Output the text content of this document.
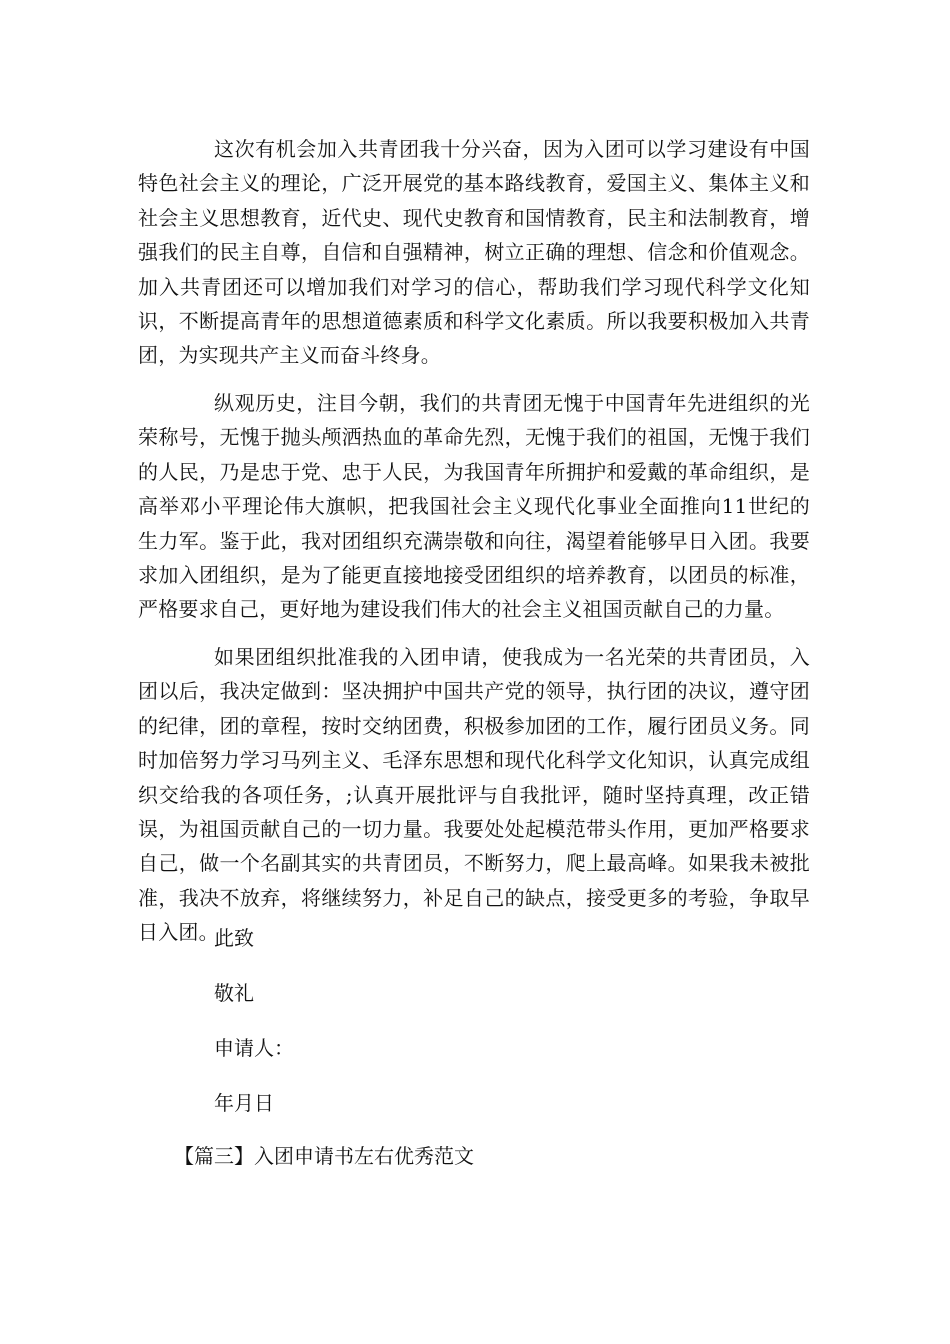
这次有机会加入共青团我十分兴奋，因为入团可以学习建设有中国特色社会主义的理论，广泛开展党的基本路线教育，爱国主义、集体主义和社会主义思想教育，近代史、现代史教育和国情教育，民主和法制教育，增强我们的民主自尊，自信和自强精神，树立正确的理想、信念和价值观念。加入共青团还可以增加我们对学习的信心，帮助我们学习现代科学文化知识，不断提高青年的思想道德素质和科学文化素质。所以我要积极加入共青团，为实现共产主义而奋斗终身。

纵观历史，注目今朝，我们的共青团无愧于中国青年先进组织的光荣称号，无愧于抛头颅洒热血的革命先烈，无愧于我们的祖国，无愧于我们的人民，乃是忠于党、忠于人民，为我国青年所拥护和爱戴的革命组织，是高举邓小平理论伟大旗帜，把我国社会主义现代化事业全面推向11世纪的生力军。鉴于此，我对团组织充满崇敬和向往，渴望着能够早日入团。我要求加入团组织，是为了能更直接地接受团组织的培养教育，以团员的标准，严格要求自己，更好地为建设我们伟大的社会主义祖国贡献自己的力量。

如果团组织批准我的入团申请，使我成为一名光荣的共青团员，入团以后，我决定做到：坚决拥护中国共产党的领导，执行团的决议，遵守团的纪律，团的章程，按时交纳团费，积极参加团的工作，履行团员义务。同时加倍努力学习马列主义、毛泽东思想和现代化科学文化知识，认真完成组织交给我的各项任务，;认真开展批评与自我批评，随时坚持真理，改正错误，为祖国贡献自己的一切力量。我要处处起模范带头作用，更加严格要求自己，做一个名副其实的共青团员，不断努力，爬上最高峰。如果我未被批准，我决不放弃，将继续努力，补足自己的缺点，接受更多的考验，争取早日入团。

此致

敬礼

申请人：

年月日

【篇三】入团申请书左右优秀范文
